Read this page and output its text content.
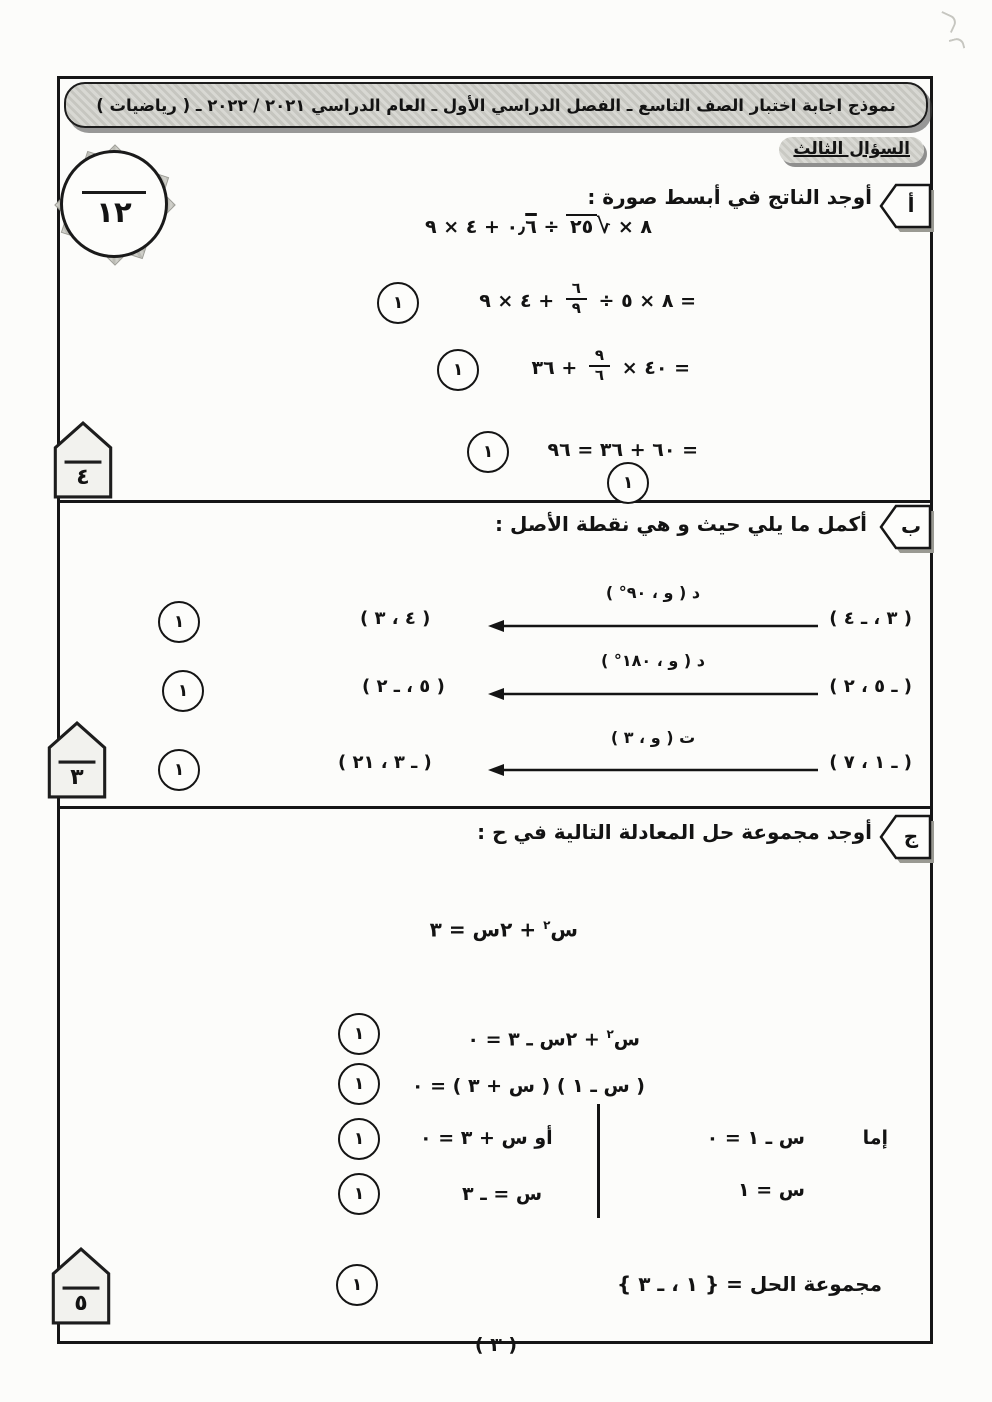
نموذج اجابة اختبار الصف التاسع ـ الفصل الدراسي الأول ـ العام الدراسي ٢٠٢١ / ٢٠٢٢ ـ ( رياضيات )
السؤال الثالث
١٢	أ
أوجد الناتج في أبسط صورة :
٨ × √٢٥ ÷ ٠٫٦ + ٤ × ٩
= ٨ × ٥ ÷
$\frac{٦}{٩}$
+ ٤ × ٩
١
= ٤٠ ×
$\frac{٩}{٦}$
+ ٣٦
١
= ٦٠ + ٣٦ = ٩٦
١
١
٤
ب
أكمل ما يلي حيث و هي نقطة الأصل :
( ٣ ، ـ ٤ )
د ( و ، ٩٠° )
( ٤ ، ٣ )
١
( ـ ٥ ، ٢ )
د ( و ، ١٨٠° )
( ٥ ، ـ ٢ )
١
( ـ ١ ، ٧ )
ت ( و ، ٣ )
( ـ ٣ ، ٢١ )
١
٣
ج
أوجد مجموعة حل المعادلة التالية في ح :
س$^٢$ + ٢س = ٣
س$^٢$ + ٢س ـ ٣ = ٠
١
( س ـ ١ ) ( س + ٣ ) = ٠
١
إما
س ـ ١ = ٠
أو س + ٣ = ٠
١
س = ١
س = ـ ٣
١
مجموعة الحل = { ١ ، ـ ٣ }
١
٥
( ٣ )
